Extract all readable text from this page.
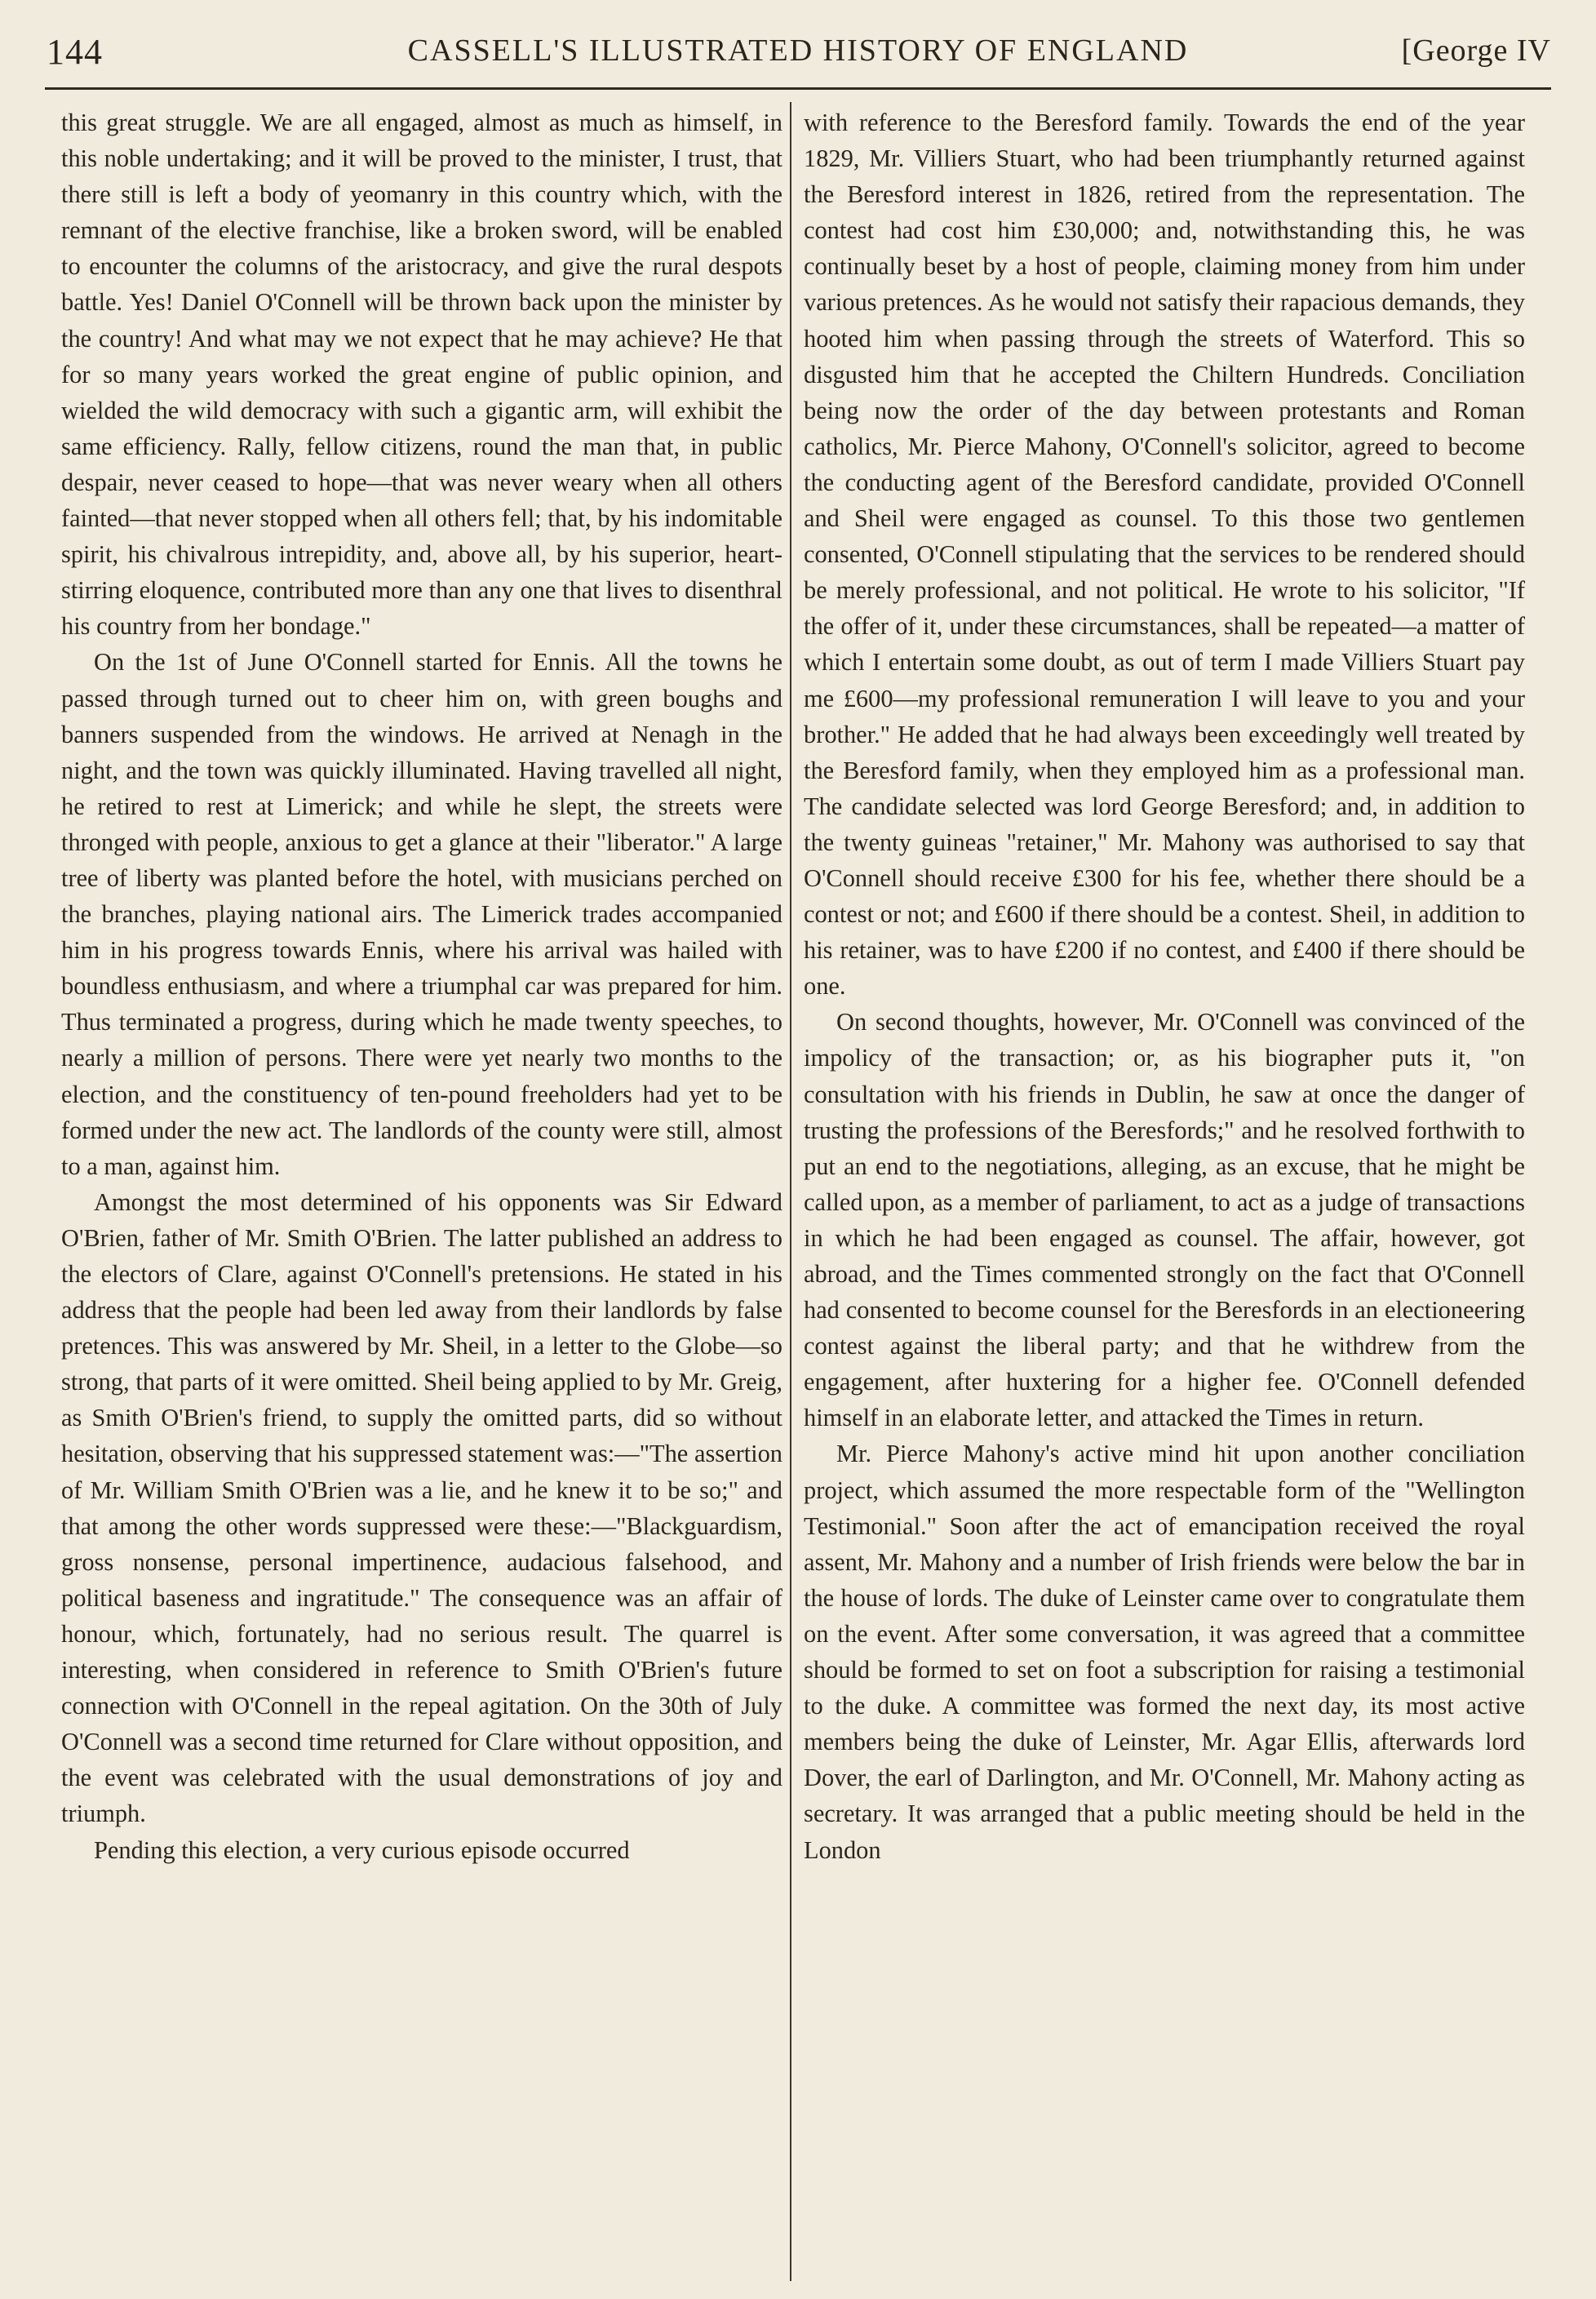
144	CASSELL'S ILLUSTRATED HISTORY OF ENGLAND	[George IV

this great struggle. We are all engaged, almost as much as himself, in this noble undertaking; and it will be proved to the minister, I trust, that there still is left a body of yeomanry in this country which, with the remnant of the elective franchise, like a broken sword, will be enabled to encounter the columns of the aristocracy, and give the rural despots battle. Yes! Daniel O'Connell will be thrown back upon the minister by the country! And what may we not expect that he may achieve? He that for so many years worked the great engine of public opinion, and wielded the wild democracy with such a gigantic arm, will exhibit the same efficiency. Rally, fellow citizens, round the man that, in public despair, never ceased to hope—that was never weary when all others fainted—that never stopped when all others fell; that, by his indomitable spirit, his chivalrous intrepidity, and, above all, by his superior, heart-stirring eloquence, contributed more than any one that lives to disenthral his country from her bondage."

On the 1st of June O'Connell started for Ennis. All the towns he passed through turned out to cheer him on, with green boughs and banners suspended from the windows. He arrived at Nenagh in the night, and the town was quickly illuminated. Having travelled all night, he retired to rest at Limerick; and while he slept, the streets were thronged with people, anxious to get a glance at their "liberator." A large tree of liberty was planted before the hotel, with musicians perched on the branches, playing national airs. The Limerick trades accompanied him in his progress towards Ennis, where his arrival was hailed with boundless enthusiasm, and where a triumphal car was prepared for him. Thus terminated a progress, during which he made twenty speeches, to nearly a million of persons. There were yet nearly two months to the election, and the constituency of ten-pound freeholders had yet to be formed under the new act. The landlords of the county were still, almost to a man, against him.

Amongst the most determined of his opponents was Sir Edward O'Brien, father of Mr. Smith O'Brien. The latter published an address to the electors of Clare, against O'Connell's pretensions. He stated in his address that the people had been led away from their landlords by false pretences. This was answered by Mr. Sheil, in a letter to the Globe—so strong, that parts of it were omitted. Sheil being applied to by Mr. Greig, as Smith O'Brien's friend, to supply the omitted parts, did so without hesitation, observing that his suppressed statement was:—"The assertion of Mr. William Smith O'Brien was a lie, and he knew it to be so;" and that among the other words suppressed were these:—"Blackguardism, gross nonsense, personal impertinence, audacious falsehood, and political baseness and ingratitude." The consequence was an affair of honour, which, fortunately, had no serious result. The quarrel is interesting, when considered in reference to Smith O'Brien's future connection with O'Connell in the repeal agitation. On the 30th of July O'Connell was a second time returned for Clare without opposition, and the event was celebrated with the usual demonstrations of joy and triumph.

Pending this election, a very curious episode occurred

with reference to the Beresford family. Towards the end of the year 1829, Mr. Villiers Stuart, who had been triumphantly returned against the Beresford interest in 1826, retired from the representation. The contest had cost him £30,000; and, notwithstanding this, he was continually beset by a host of people, claiming money from him under various pretences. As he would not satisfy their rapacious demands, they hooted him when passing through the streets of Waterford. This so disgusted him that he accepted the Chiltern Hundreds. Conciliation being now the order of the day between protestants and Roman catholics, Mr. Pierce Mahony, O'Connell's solicitor, agreed to become the conducting agent of the Beresford candidate, provided O'Connell and Sheil were engaged as counsel. To this those two gentlemen consented, O'Connell stipulating that the services to be rendered should be merely professional, and not political. He wrote to his solicitor, "If the offer of it, under these circumstances, shall be repeated—a matter of which I entertain some doubt, as out of term I made Villiers Stuart pay me £600—my professional remuneration I will leave to you and your brother." He added that he had always been exceedingly well treated by the Beresford family, when they employed him as a professional man. The candidate selected was lord George Beresford; and, in addition to the twenty guineas "retainer," Mr. Mahony was authorised to say that O'Connell should receive £300 for his fee, whether there should be a contest or not; and £600 if there should be a contest. Sheil, in addition to his retainer, was to have £200 if no contest, and £400 if there should be one.

On second thoughts, however, Mr. O'Connell was convinced of the impolicy of the transaction; or, as his biographer puts it, "on consultation with his friends in Dublin, he saw at once the danger of trusting the professions of the Beresfords;" and he resolved forthwith to put an end to the negotiations, alleging, as an excuse, that he might be called upon, as a member of parliament, to act as a judge of transactions in which he had been engaged as counsel. The affair, however, got abroad, and the Times commented strongly on the fact that O'Connell had consented to become counsel for the Beresfords in an electioneering contest against the liberal party; and that he withdrew from the engagement, after huxtering for a higher fee. O'Connell defended himself in an elaborate letter, and attacked the Times in return.

Mr. Pierce Mahony's active mind hit upon another conciliation project, which assumed the more respectable form of the "Wellington Testimonial." Soon after the act of emancipation received the royal assent, Mr. Mahony and a number of Irish friends were below the bar in the house of lords. The duke of Leinster came over to congratulate them on the event. After some conversation, it was agreed that a committee should be formed to set on foot a subscription for raising a testimonial to the duke. A committee was formed the next day, its most active members being the duke of Leinster, Mr. Agar Ellis, afterwards lord Dover, the earl of Darlington, and Mr. O'Connell, Mr. Mahony acting as secretary. It was arranged that a public meeting should be held in the London
